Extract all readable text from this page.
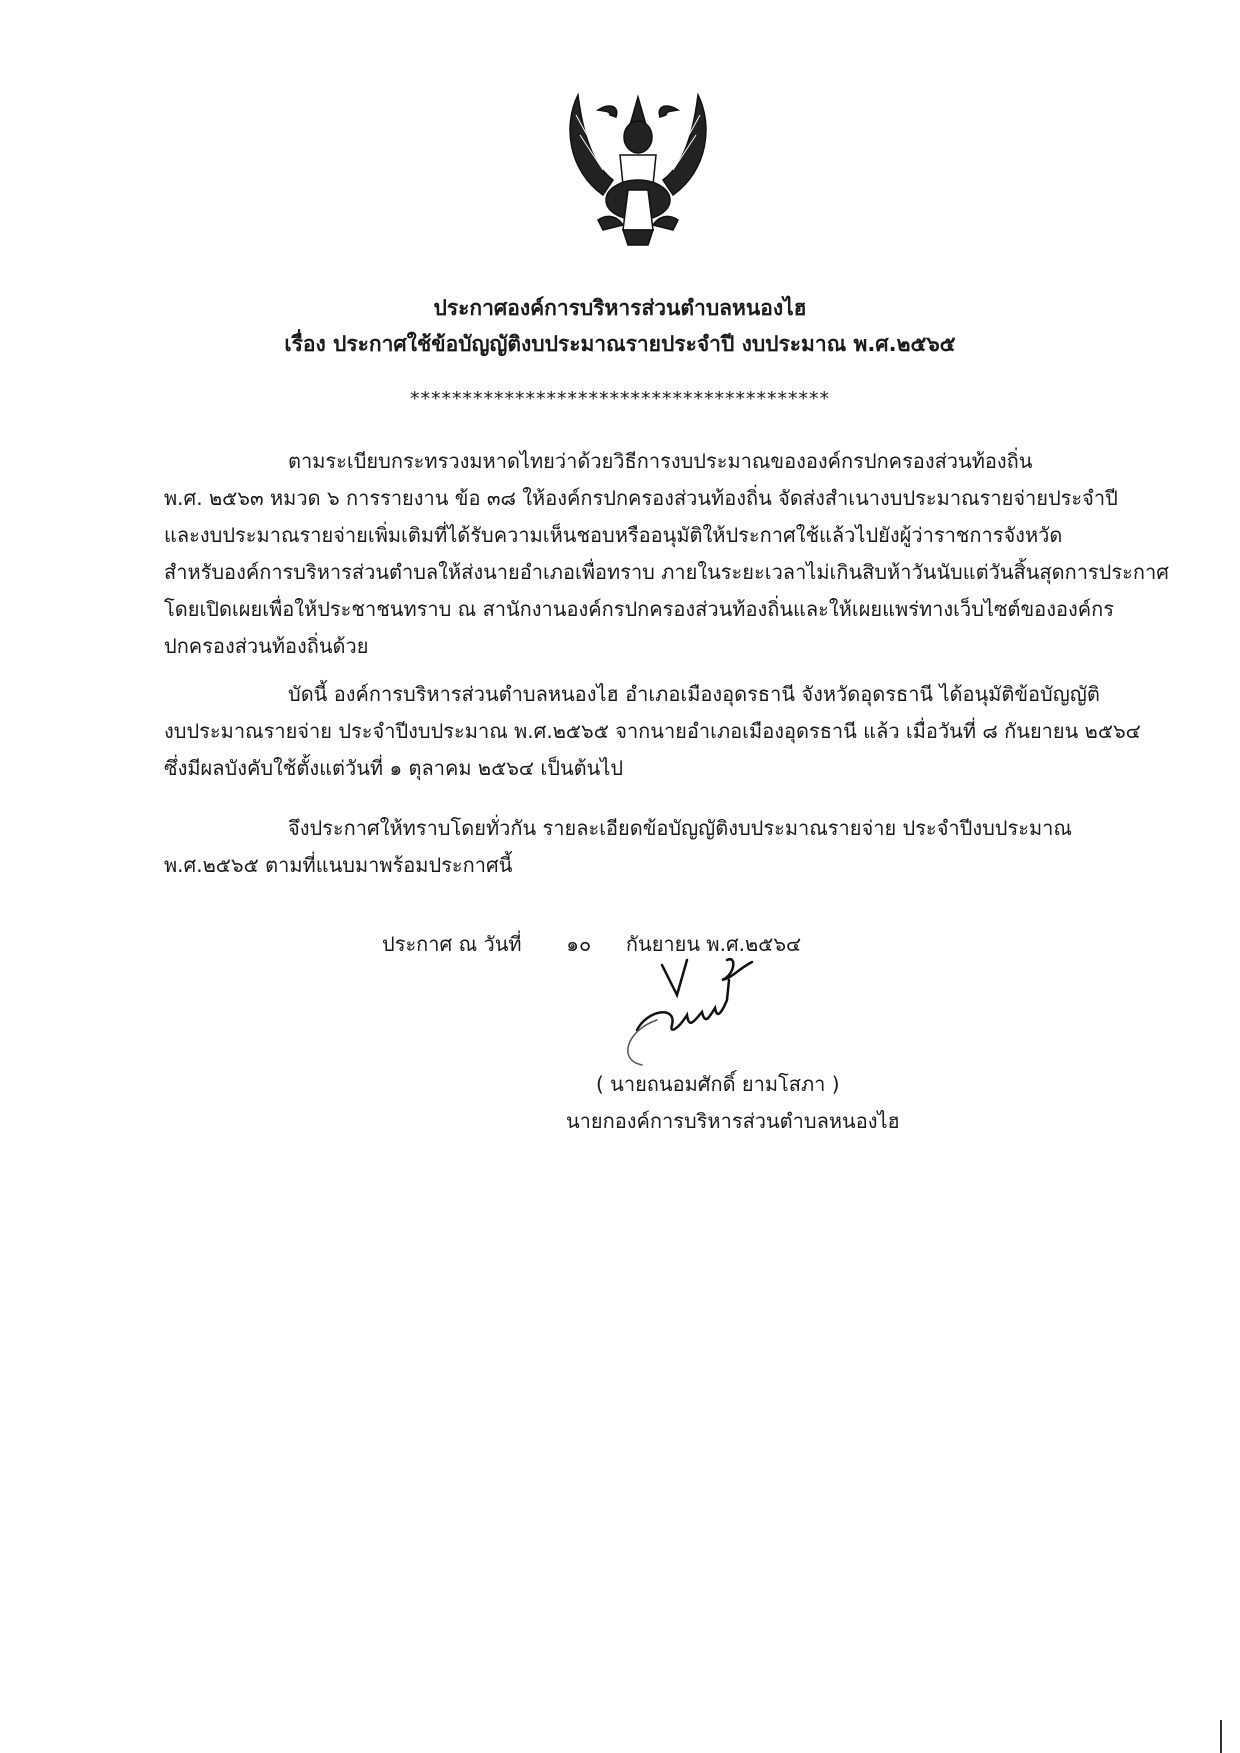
ประกาศองค์การบริหารส่วนตำบลหนองไฮ
เรื่อง ประกาศใช้ข้อบัญญัติงบประมาณรายประจำปี งบประมาณ พ.ศ.๒๕๖๕
****************************************
ตามระเบียบกระทรวงมหาดไทยว่าด้วยวิธีการงบประมาณขององค์กรปกครองส่วนท้องถิ่น
พ.ศ. ๒๕๖๓ หมวด ๖ การรายงาน ข้อ ๓๘ ให้องค์กรปกครองส่วนท้องถิ่น จัดส่งสำเนางบประมาณรายจ่ายประจำปี
และงบประมาณรายจ่ายเพิ่มเติมที่ได้รับความเห็นชอบหรืออนุมัติให้ประกาศใช้แล้วไปยังผู้ว่าราชการจังหวัด
สำหรับองค์การบริหารส่วนตำบลให้ส่งนายอำเภอเพื่อทราบ ภายในระยะเวลาไม่เกินสิบห้าวันนับแต่วันสิ้นสุดการประกาศ
โดยเปิดเผยเพื่อให้ประชาชนทราบ ณ สานักงานองค์กรปกครองส่วนท้องถิ่นและให้เผยแพร่ทางเว็บไซต์ขององค์กร
ปกครองส่วนท้องถิ่นด้วย
บัดนี้ องค์การบริหารส่วนตำบลหนองไฮ อำเภอเมืองอุดรธานี จังหวัดอุดรธานี ได้อนุมัติข้อบัญญัติ
งบประมาณรายจ่าย ประจำปีงบประมาณ พ.ศ.๒๕๖๕ จากนายอำเภอเมืองอุดรธานี แล้ว เมื่อวันที่ ๘ กันยายน ๒๕๖๔
ซึ่งมีผลบังคับใช้ตั้งแต่วันที่ ๑ ตุลาคม ๒๕๖๔ เป็นต้นไป
จึงประกาศให้ทราบโดยทั่วกัน รายละเอียดข้อบัญญัติงบประมาณรายจ่าย ประจำปีงบประมาณ
พ.ศ.๒๕๖๕ ตามที่แนบมาพร้อมประกาศนี้
ประกาศ ณ วันที่ ๑๐ กันยายน พ.ศ.๒๕๖๔
( นายถนอมศักดิ์ ยามโสภา )
นายกองค์การบริหารส่วนตำบลหนองไฮ
